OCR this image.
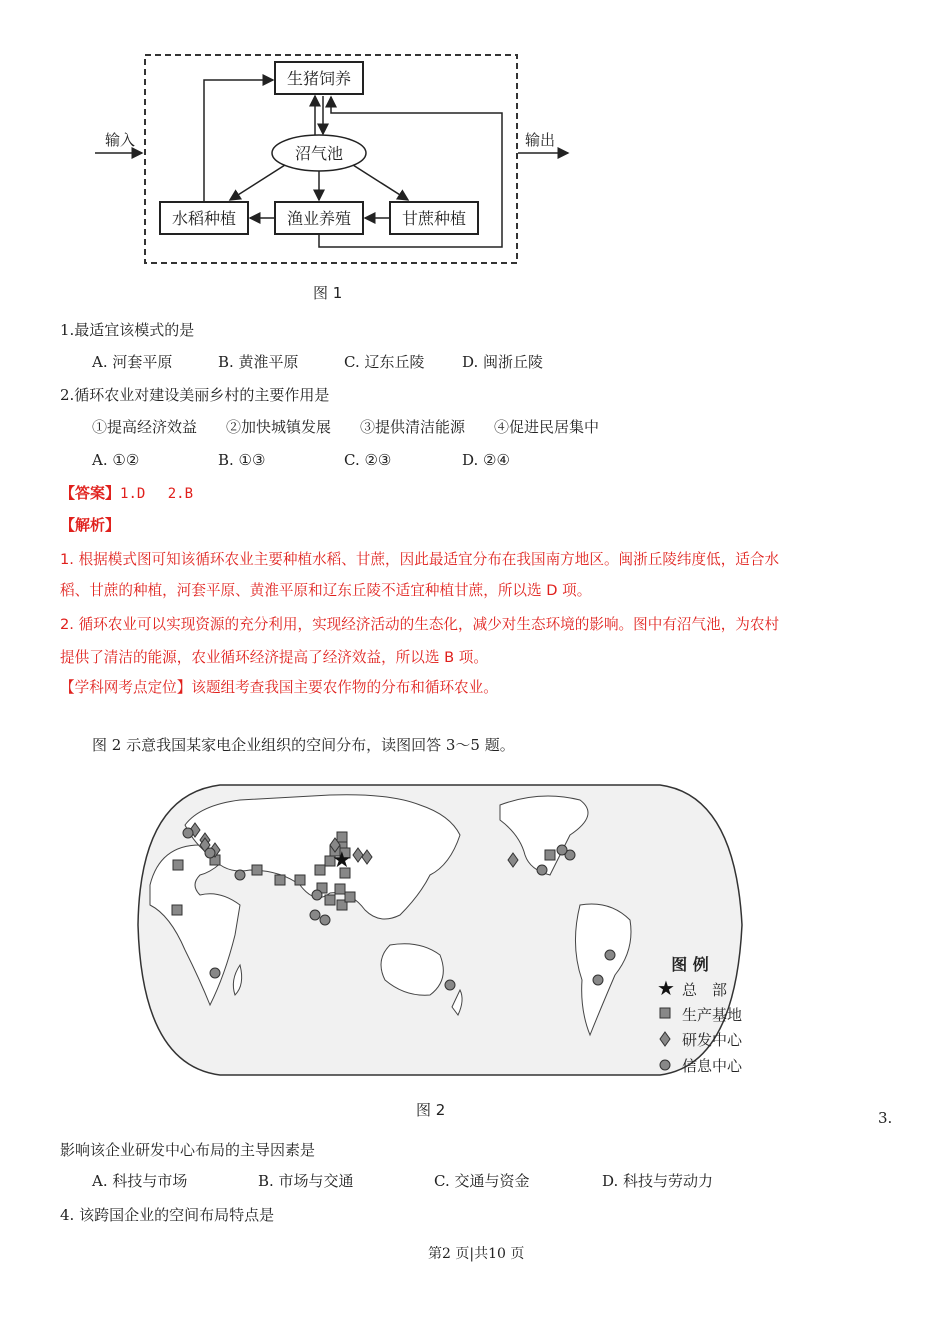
输入	输出
生猪饲养
沼气池
水稻种植	渔业养殖	甘蔗种植
图 1
1.最适宜该模式的是
A. 河套平原	B. 黄淮平原	C. 辽东丘陵	D. 闽浙丘陵
2.循环农业对建设美丽乡村的主要作用是
①提高经济效益 ②加快城镇发展 ③提供清洁能源 ④促进民居集中
A. ①②	B. ①③	C. ②③	D. ②④
【答案】1.D　 2.B
【解析】
1. 根据模式图可知该循环农业主要种植水稻、甘蔗，因此最适宜分布在我国南方地区。闽浙丘陵纬度低，适合水
稻、甘蔗的种植，河套平原、黄淮平原和辽东丘陵不适宜种植甘蔗，所以选 D 项。
2. 循环农业可以实现资源的充分利用，实现经济活动的生态化，减少对生态环境的影响。图中有沼气池，为农村
提供了清洁的能源，农业循环经济提高了经济效益，所以选 B 项。
【学科网考点定位】该题组考查我国主要农作物的分布和循环农业。
图 2 示意我国某家电企业组织的空间分布，读图回答 3～5 题。
★
图 例
★ 总　部
生产基地
研发中心
信息中心
图 2	3.
影响该企业研发中心布局的主导因素是
A. 科技与市场	B. 市场与交通	C. 交通与资金	D. 科技与劳动力
4. 该跨国企业的空间布局特点是
第2 页|共10 页
